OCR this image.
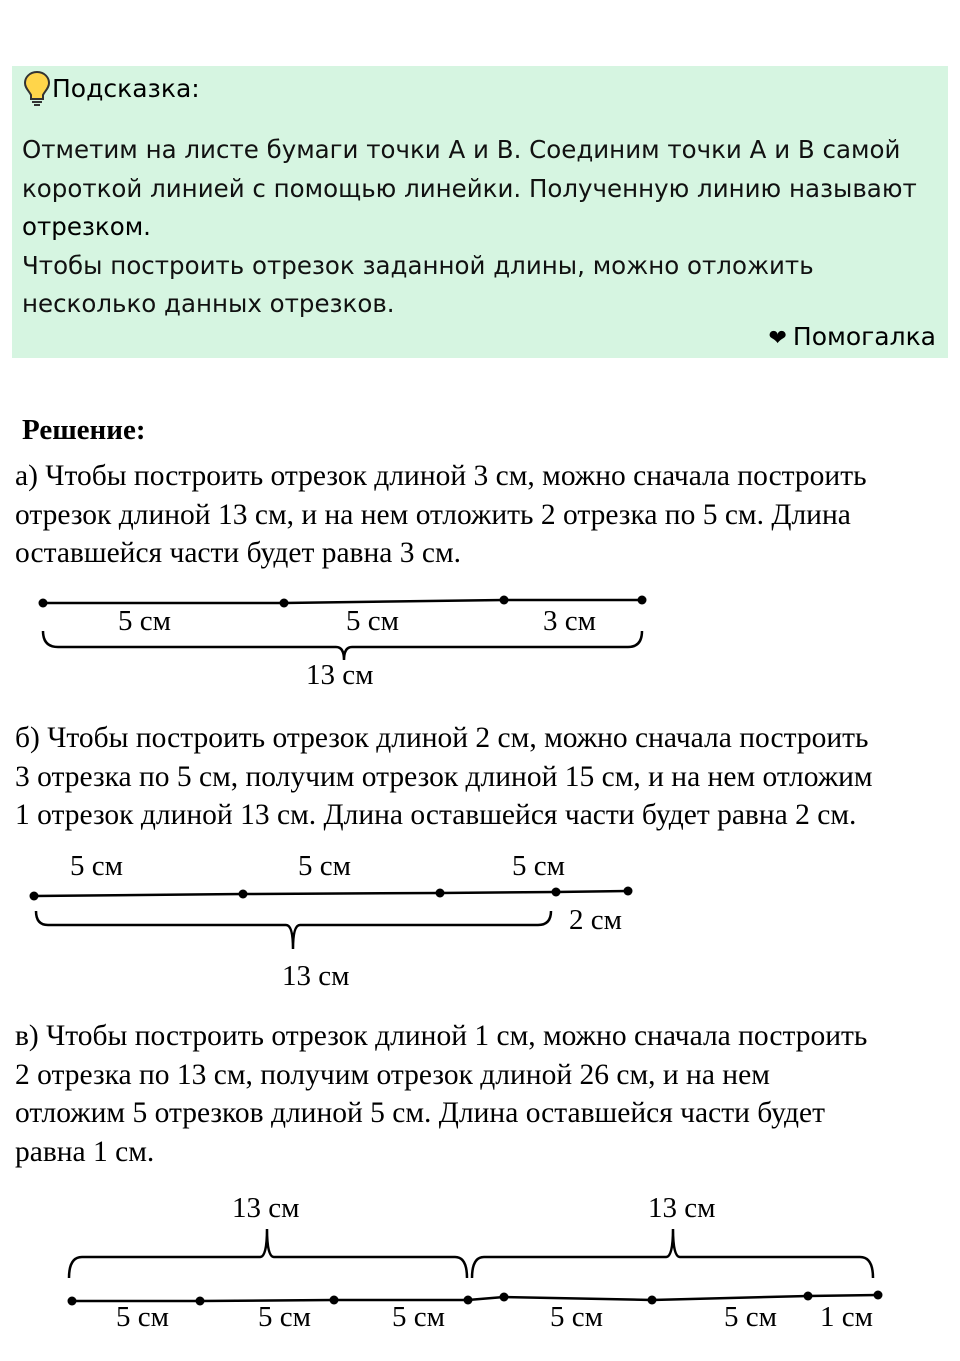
Подсказка:

Отметим на листе бумаги точки А и В. Соединим точки А и В самой

короткой линией с помощью линейки. Полученную линию называют

отрезком.

Чтобы построить отрезок заданной длины, можно отложить

несколько данных отрезков.

❤ Помогалка
Решение:

а) Чтобы построить отрезок длиной 3 см, можно сначала построить

отрезок длиной 13 см, и на нем отложить 2 отрезка по 5 см. Длина

оставшейся части будет равна 3 см.

5 см	5 см	3 см
13 см

б) Чтобы построить отрезок длиной 2 см, можно сначала построить

3 отрезка по 5 см, получим отрезок длиной 15 см, и на нем отложим

1 отрезок длиной 13 см. Длина оставшейся части будет равна 2 см.

5 см	5 см	5 см
2 см
13 см

в) Чтобы построить отрезок длиной 1 см, можно сначала построить

2 отрезка по 13 см, получим отрезок длиной 26 см, и на нем

отложим 5 отрезков длиной 5 см. Длина оставшейся части будет

равна 1 см.

13 см	13 см
5 см	5 см	5 см	5 см	5 см 1 см
